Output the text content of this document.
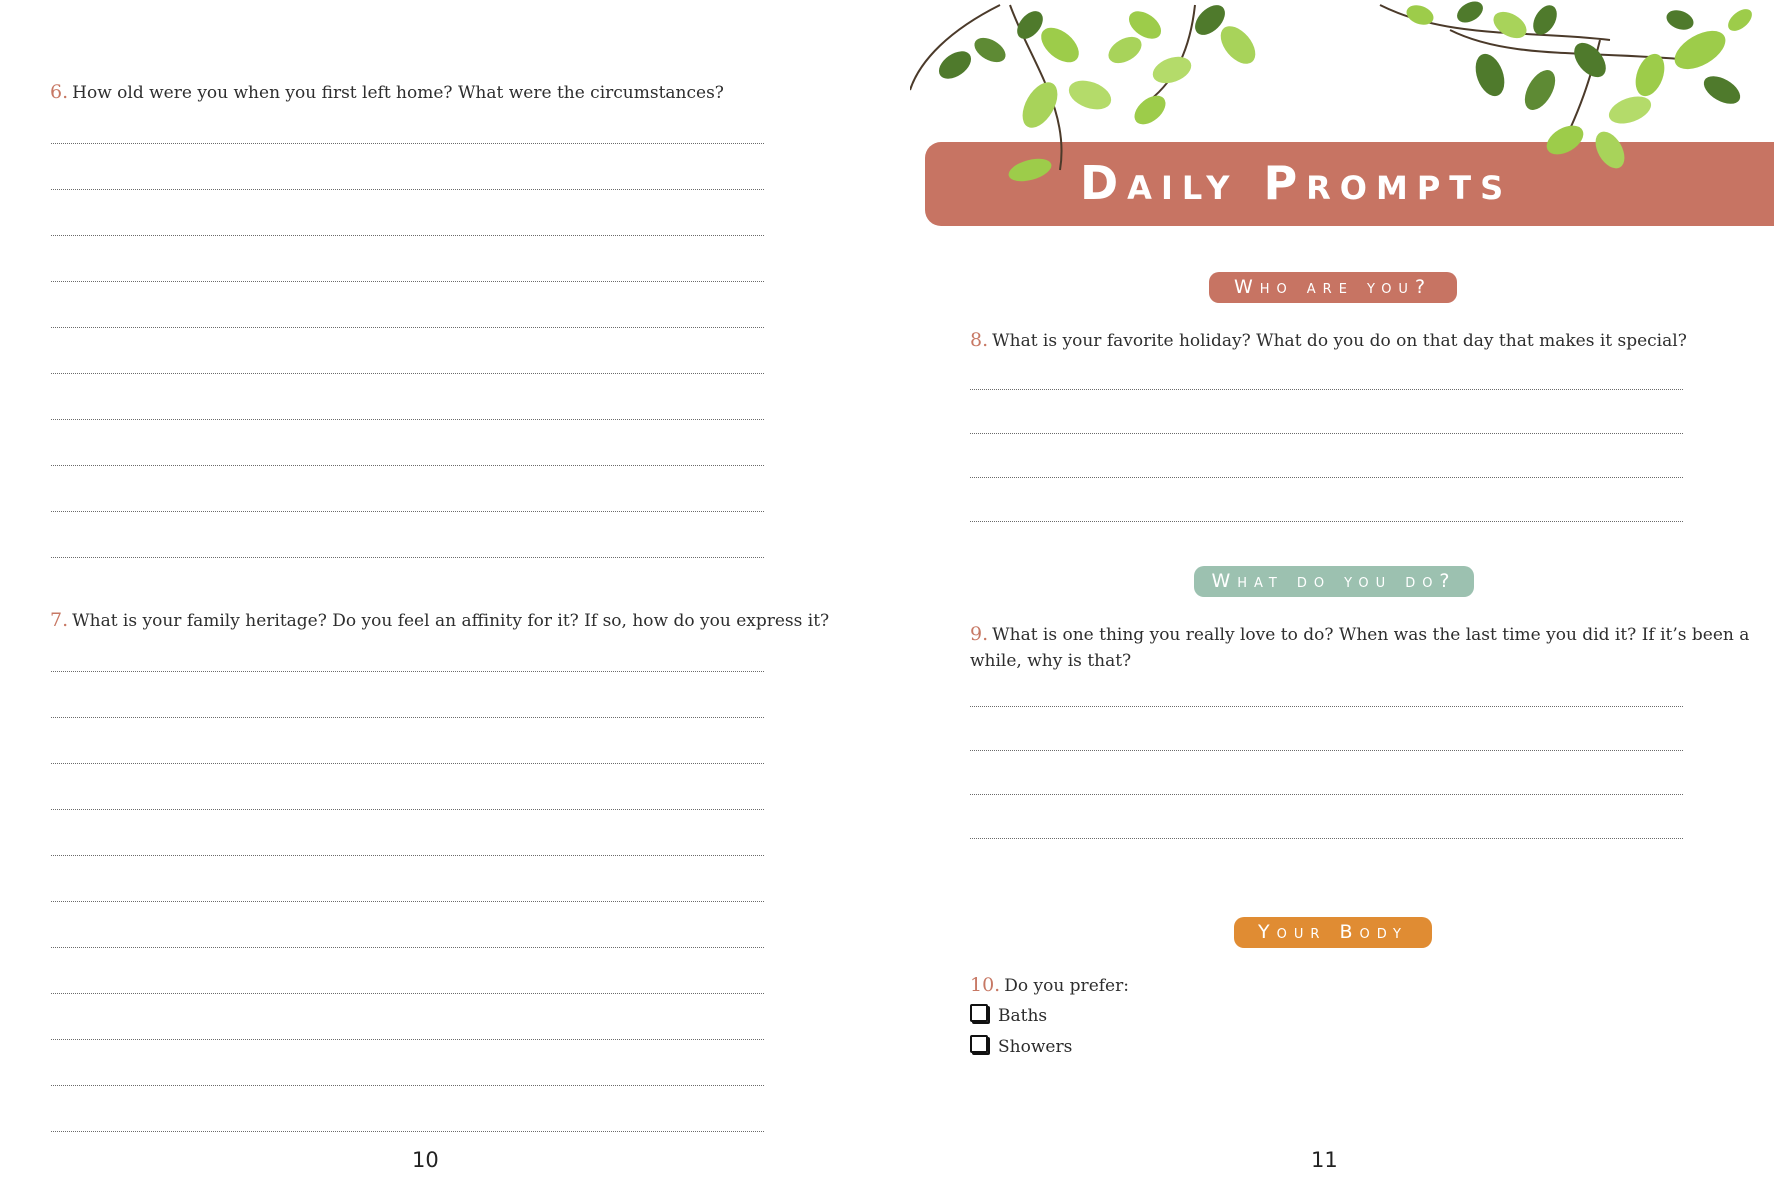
6. How old were you when you first left home? What were the circumstances?
7. What is your family heritage? Do you feel an affinity for it? If so, how do you express it?
10
Daily Prompts
Who are you?
8. What is your favorite holiday? What do you do on that day that makes it special?
What do you do?
9. What is one thing you really love to do? When was the last time you did it? If it’s been a while, why is that?
Your Body
10. Do you prefer:
Baths
Showers
11
